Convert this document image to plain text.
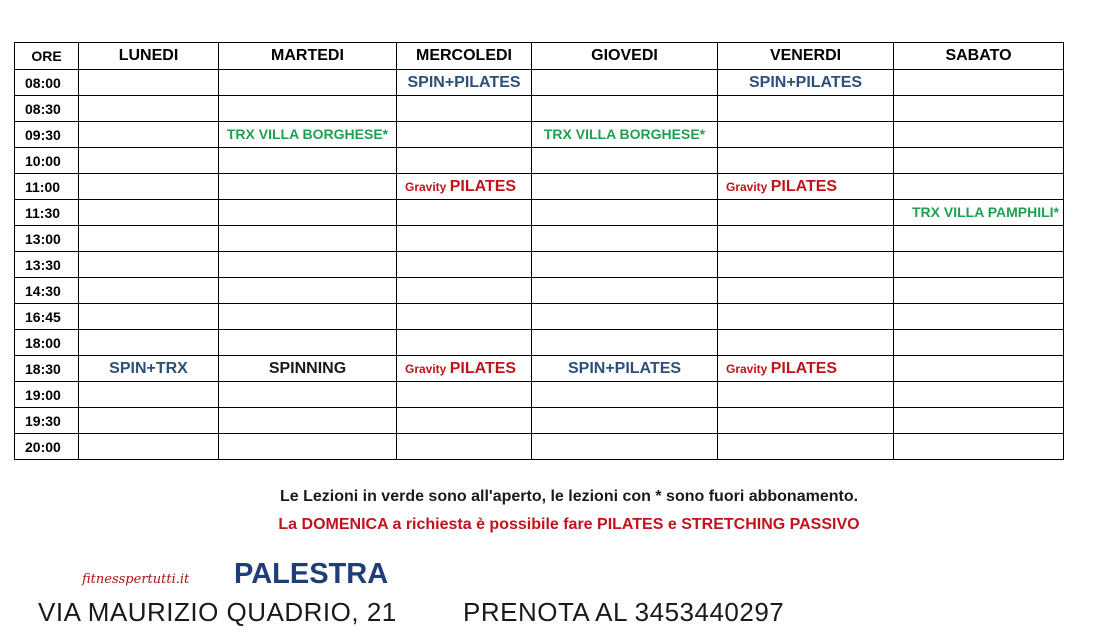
ORE	LUNEDI	MARTEDI	MERCOLEDI	GIOVEDI	VENERDI	SABATO
08:00			SPIN+PILATES		SPIN+PILATES	
08:30						
09:30		TRX VILLA BORGHESE*		TRX VILLA BORGHESE*		
10:00						
11:00			Gravity PILATES		Gravity PILATES	
11:30						TRX VILLA PAMPHILI*
13:00						
13:30						
14:30						
16:45						
18:00						
18:30	SPIN+TRX	SPINNING	Gravity PILATES	SPIN+PILATES	Gravity PILATES	
19:00						
19:30						
20:00						
Le Lezioni in verde sono all'aperto, le lezioni con * sono fuori abbonamento.
La DOMENICA a richiesta è possibile fare PILATES e STRETCHING PASSIVO
fitnesspertutti.it PALESTRA
VIA MAURIZIO QUADRIO, 21	PRENOTA AL 3453440297
